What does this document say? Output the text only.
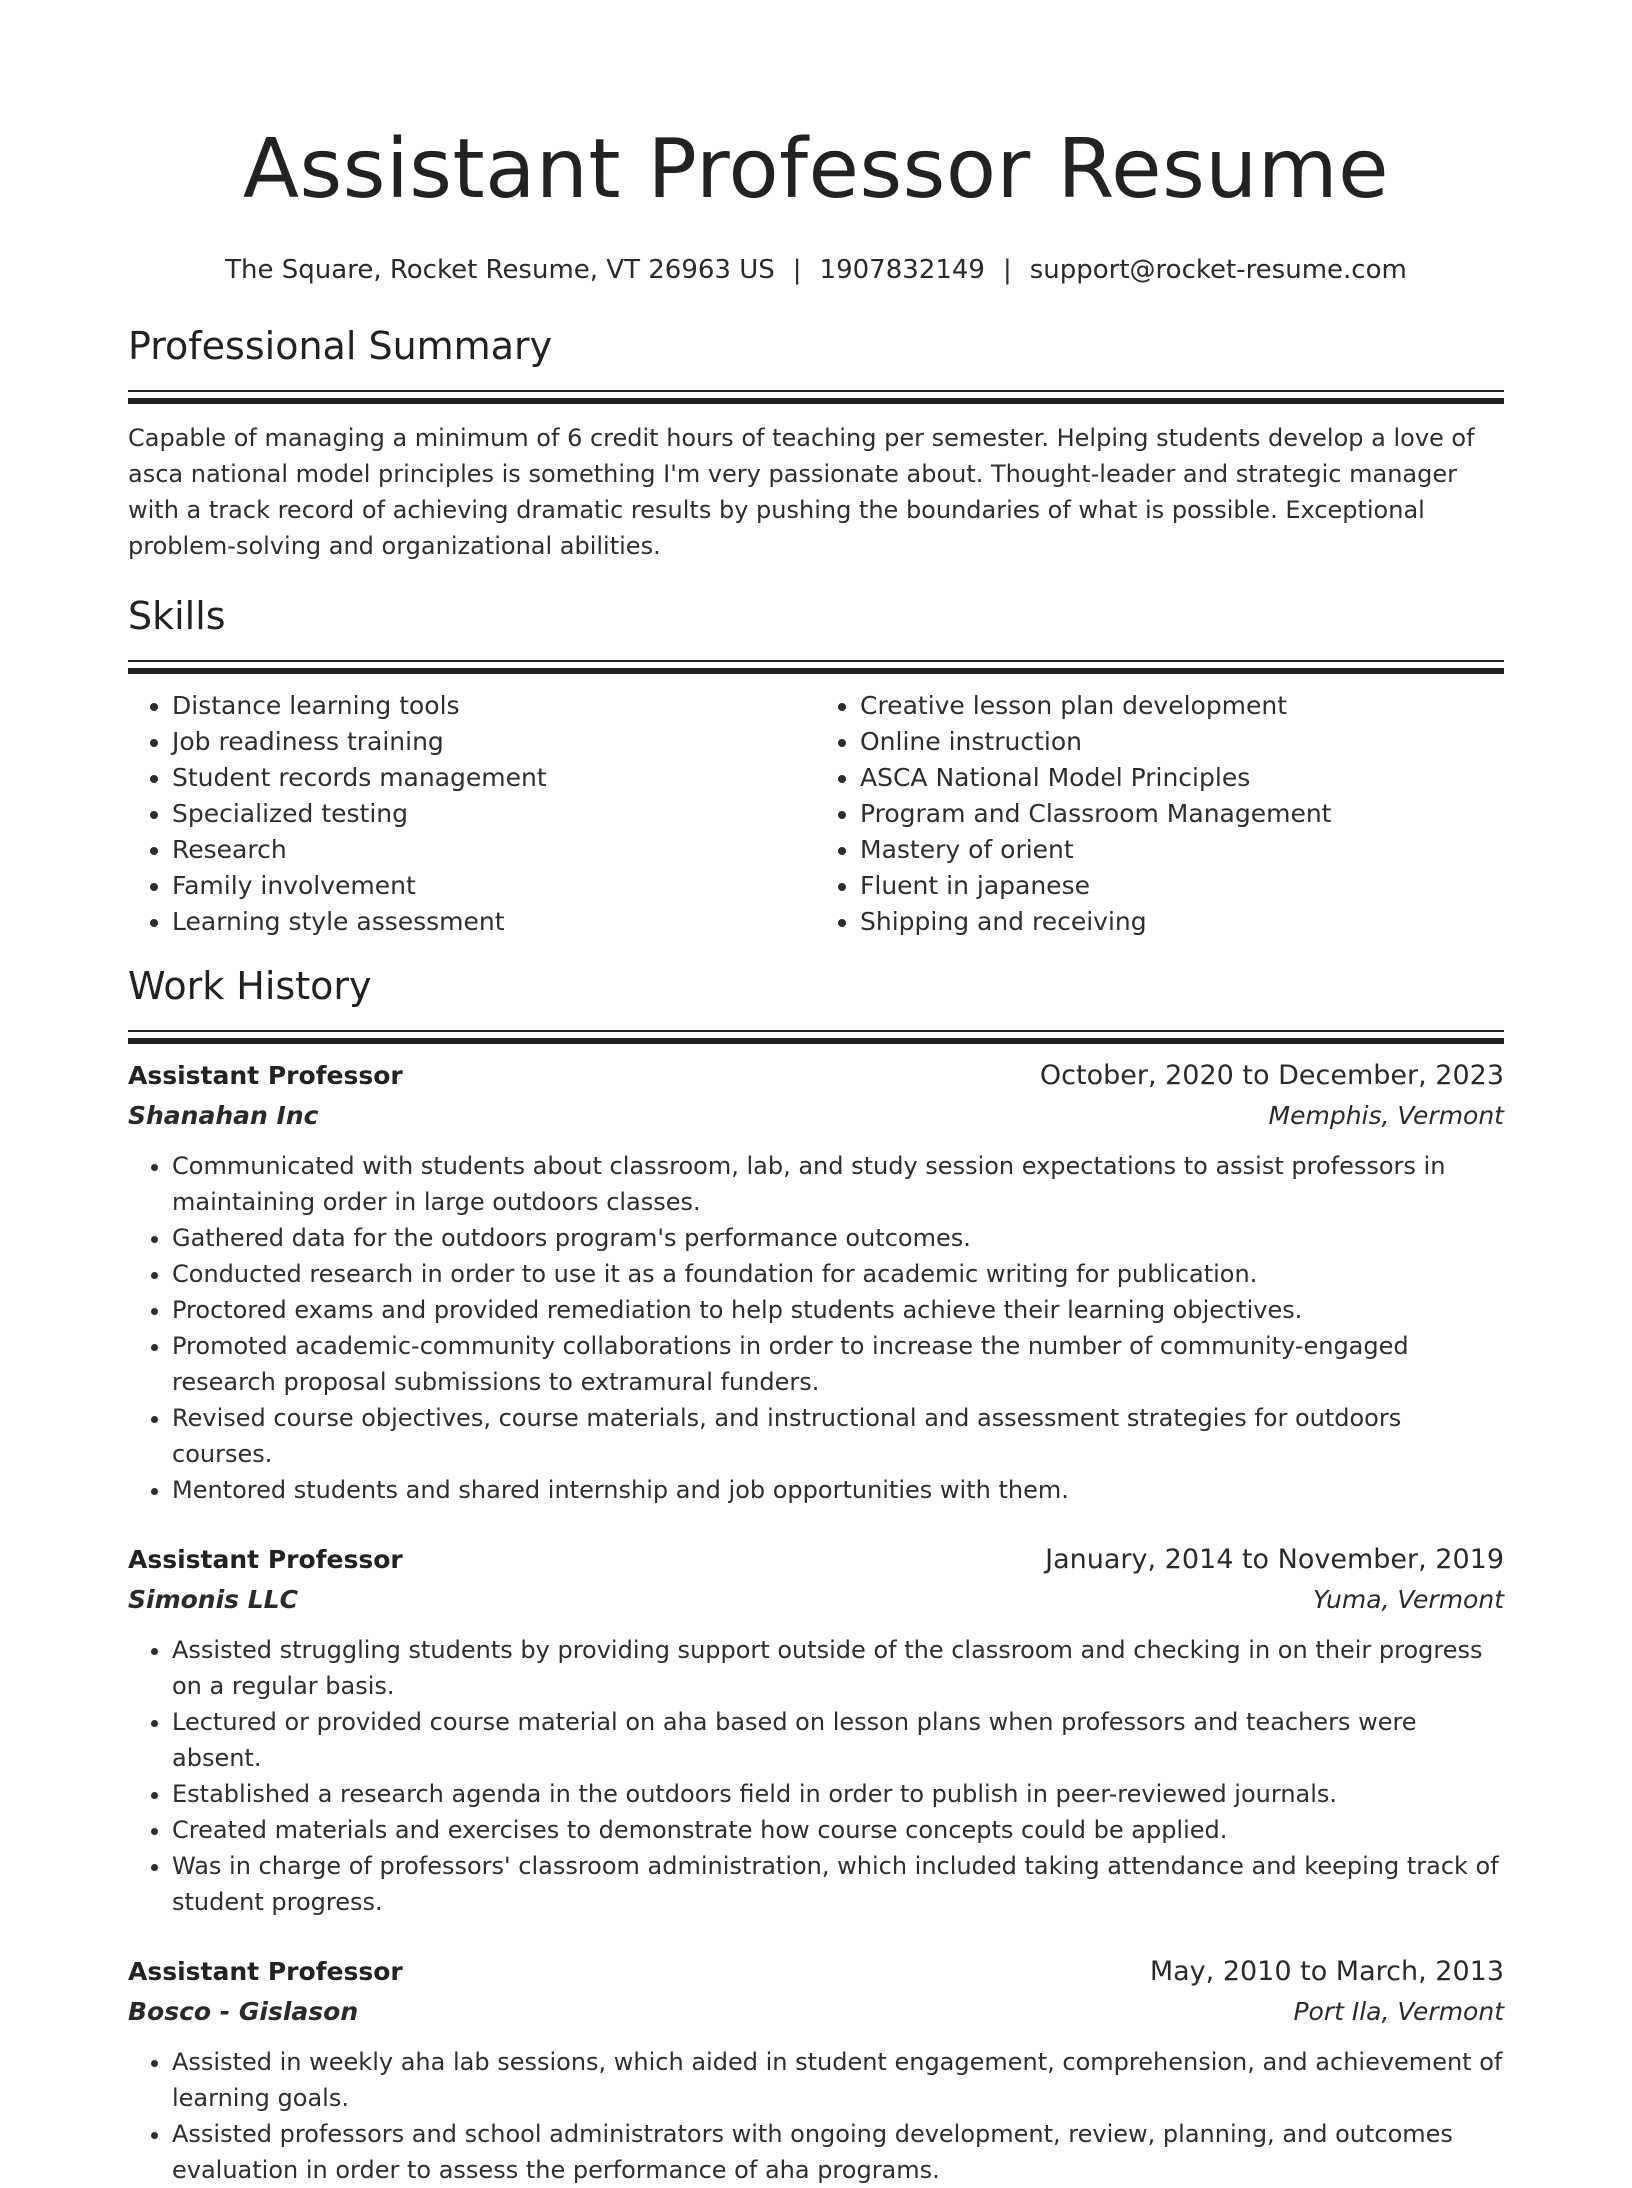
Assistant Professor Resume
The Square, Rocket Resume, VT 26963 US | 1907832149 | support@rocket-resume.com
Professional Summary
Capable of managing a minimum of 6 credit hours of teaching per semester. Helping students develop a love of asca national model principles is something I'm very passionate about. Thought-leader and strategic manager with a track record of achieving dramatic results by pushing the boundaries of what is possible. Exceptional problem-solving and organizational abilities.
Skills
• Distance learning tools
• Job readiness training
• Student records management
• Specialized testing
• Research
• Family involvement
• Learning style assessment
• Creative lesson plan development
• Online instruction
• ASCA National Model Principles
• Program and Classroom Management
• Mastery of orient
• Fluent in japanese
• Shipping and receiving
Work History
Assistant Professor	October, 2020 to December, 2023
Shanahan Inc	Memphis, Vermont
• Communicated with students about classroom, lab, and study session expectations to assist professors in maintaining order in large outdoors classes.
• Gathered data for the outdoors program's performance outcomes.
• Conducted research in order to use it as a foundation for academic writing for publication.
• Proctored exams and provided remediation to help students achieve their learning objectives.
• Promoted academic-community collaborations in order to increase the number of community-engaged research proposal submissions to extramural funders.
• Revised course objectives, course materials, and instructional and assessment strategies for outdoors courses.
• Mentored students and shared internship and job opportunities with them.
Assistant Professor	January, 2014 to November, 2019
Simonis LLC	Yuma, Vermont
• Assisted struggling students by providing support outside of the classroom and checking in on their progress on a regular basis.
• Lectured or provided course material on aha based on lesson plans when professors and teachers were absent.
• Established a research agenda in the outdoors field in order to publish in peer-reviewed journals.
• Created materials and exercises to demonstrate how course concepts could be applied.
• Was in charge of professors' classroom administration, which included taking attendance and keeping track of student progress.
Assistant Professor	May, 2010 to March, 2013
Bosco - Gislason	Port Ila, Vermont
• Assisted in weekly aha lab sessions, which aided in student engagement, comprehension, and achievement of learning goals.
• Assisted professors and school administrators with ongoing development, review, planning, and outcomes evaluation in order to assess the performance of aha programs.
